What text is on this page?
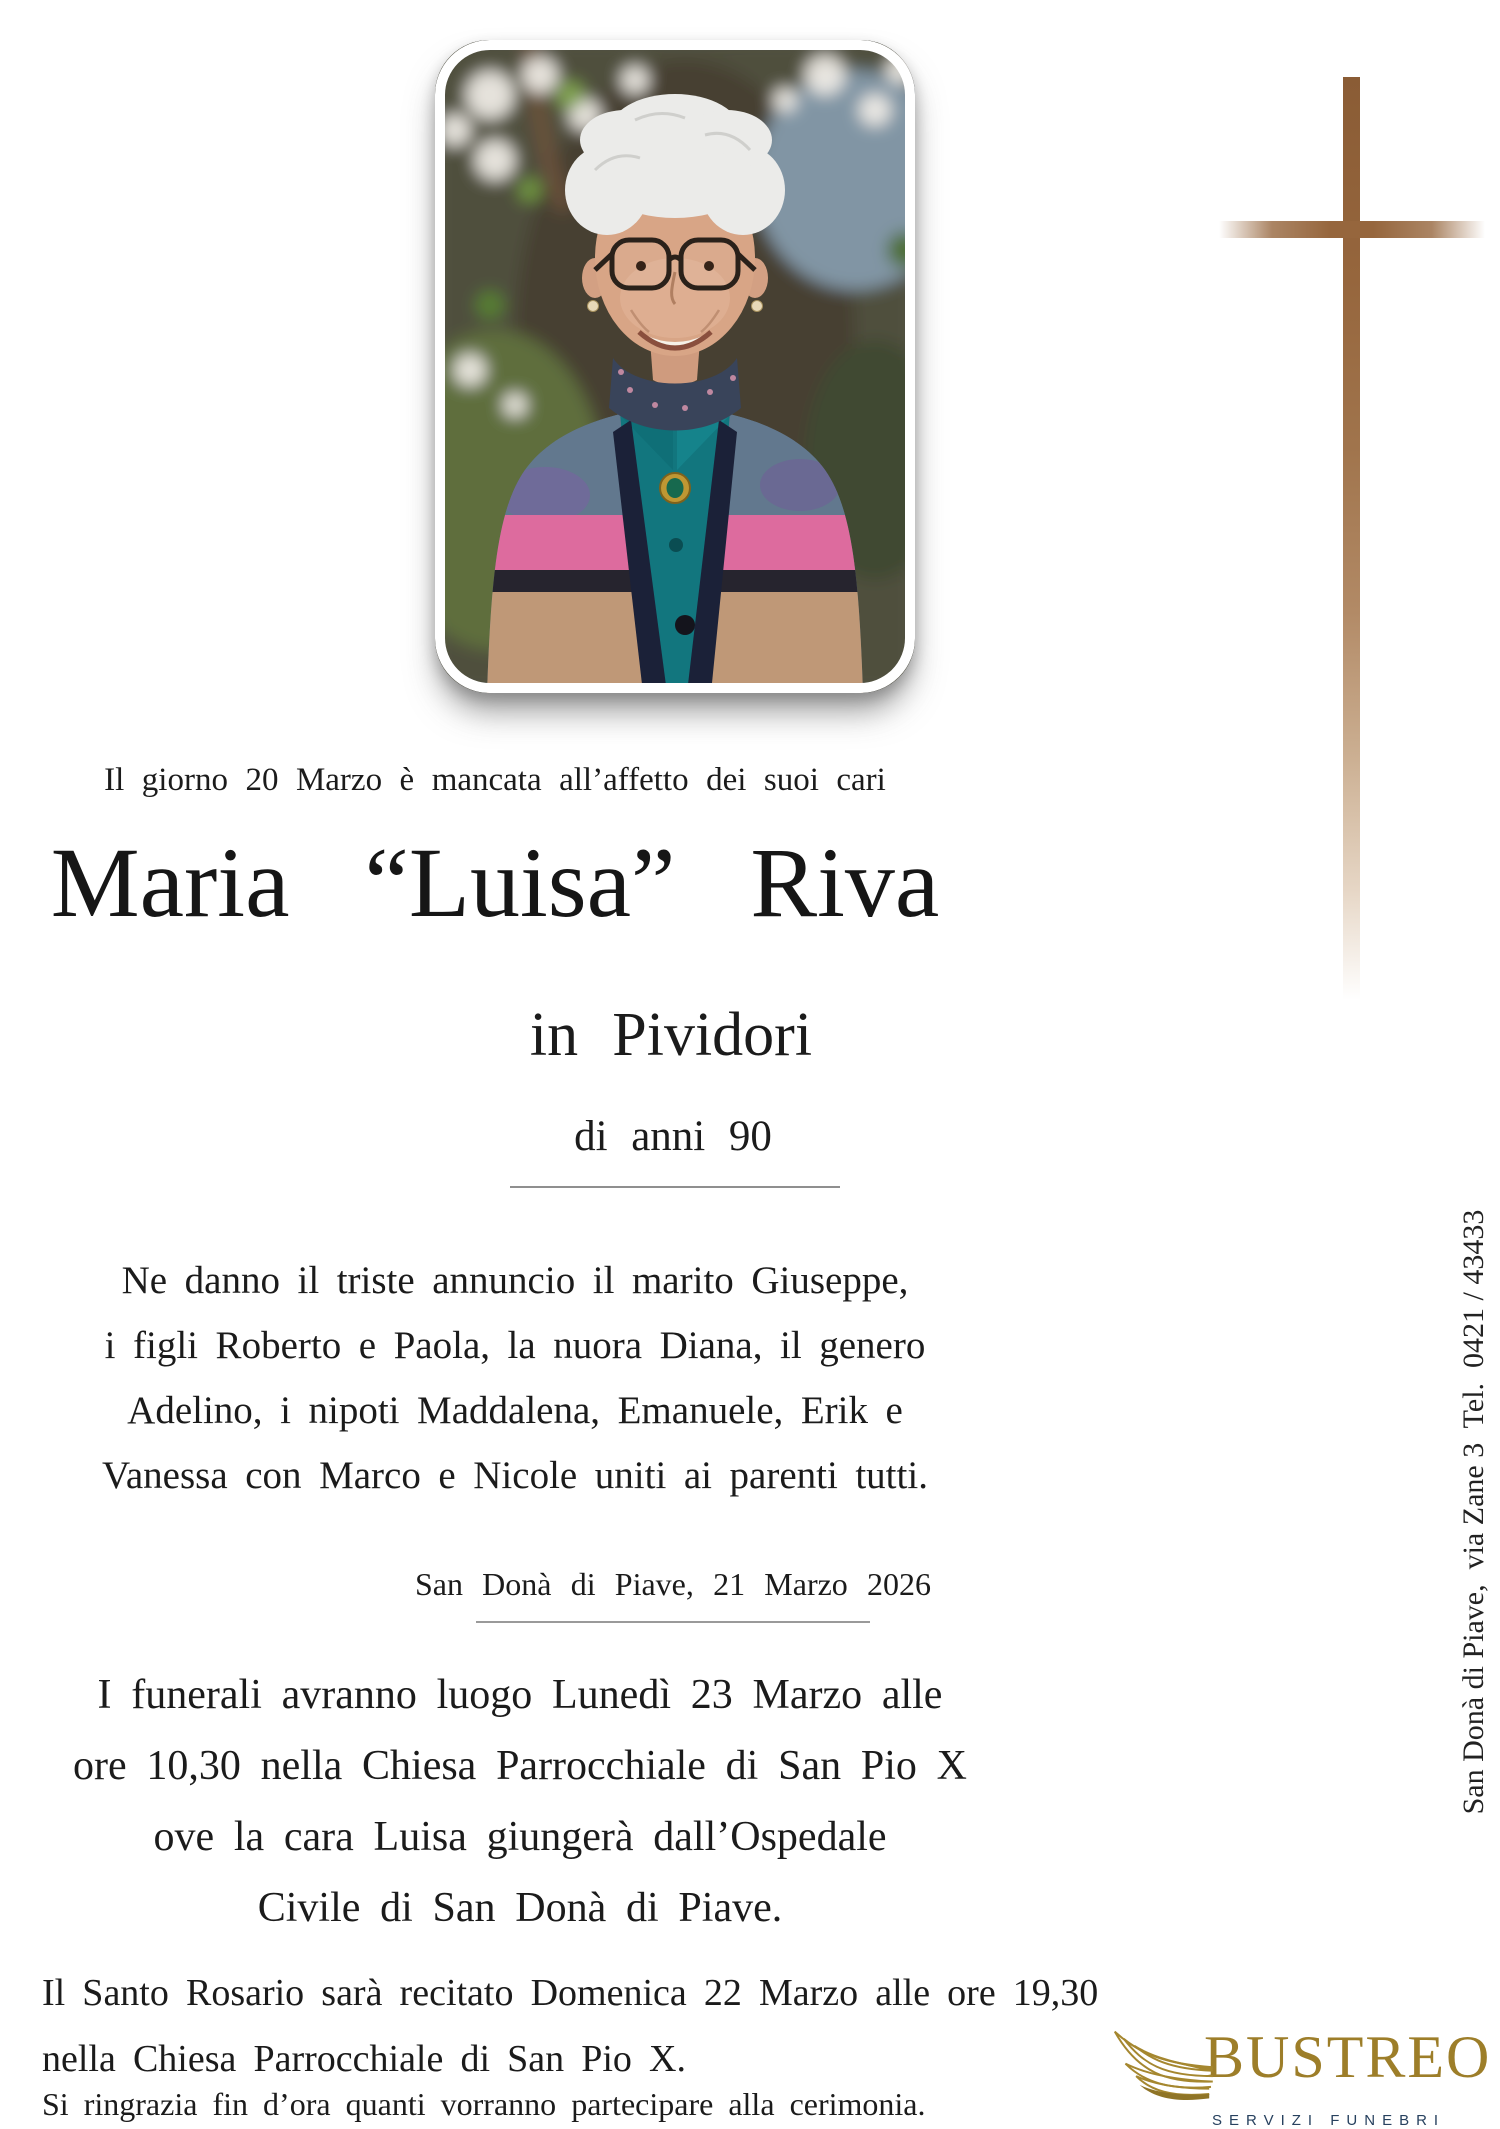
San Donà di Piave,  via Zane 3  Tel.  0421 / 43433
Il giorno 20 Marzo è mancata all’affetto dei suoi cari
Maria “Luisa” Riva
in Pividori
di anni 90
Ne danno il triste annuncio il marito Giuseppe,
i figli Roberto e Paola, la nuora Diana, il genero
Adelino, i nipoti Maddalena, Emanuele, Erik e
Vanessa con Marco e Nicole uniti ai parenti tutti.
San Donà di Piave, 21 Marzo 2026
I funerali avranno luogo Lunedì 23 Marzo alle
ore 10,30 nella Chiesa Parrocchiale di San Pio X
ove la cara Luisa giungerà dall’Ospedale
Civile di San Donà di Piave.
Il Santo Rosario sarà recitato Domenica 22 Marzo alle ore 19,30
nella Chiesa Parrocchiale di San Pio X.
Si ringrazia fin d’ora quanti vorranno partecipare alla cerimonia.
BUSTREO
SERVIZI FUNEBRI
